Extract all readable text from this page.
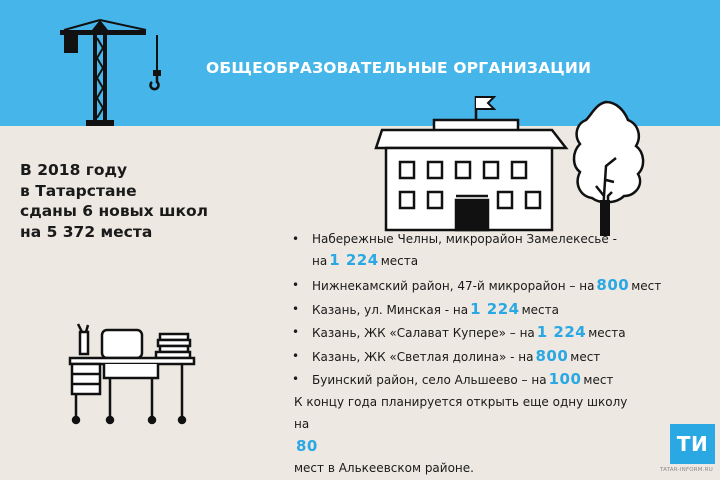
ОБЩЕОБРАЗОВАТЕЛЬНЫЕ ОРГАНИЗАЦИИ
В 2018 году
в Татарстане
сданы 6 новых школ
на 5 372 места
•	Набережные Челны, микрорайон Замелекесье -
на 1 224 места
• Нижнекамский район, 47-й микрорайон – на 800 мест
• Казань, ул. Минская - на 1 224 места
• Казань, ЖК «Салават Купере» – на 1 224 места
• Казань, ЖК «Светлая долина» - на 800 мест
• Буинский район, село Альшеево – на 100 мест
К концу года планируется открыть еще одну школу
на
80
мест в Алькеевском районе.
ТИ
TATAR-INFORM.RU
